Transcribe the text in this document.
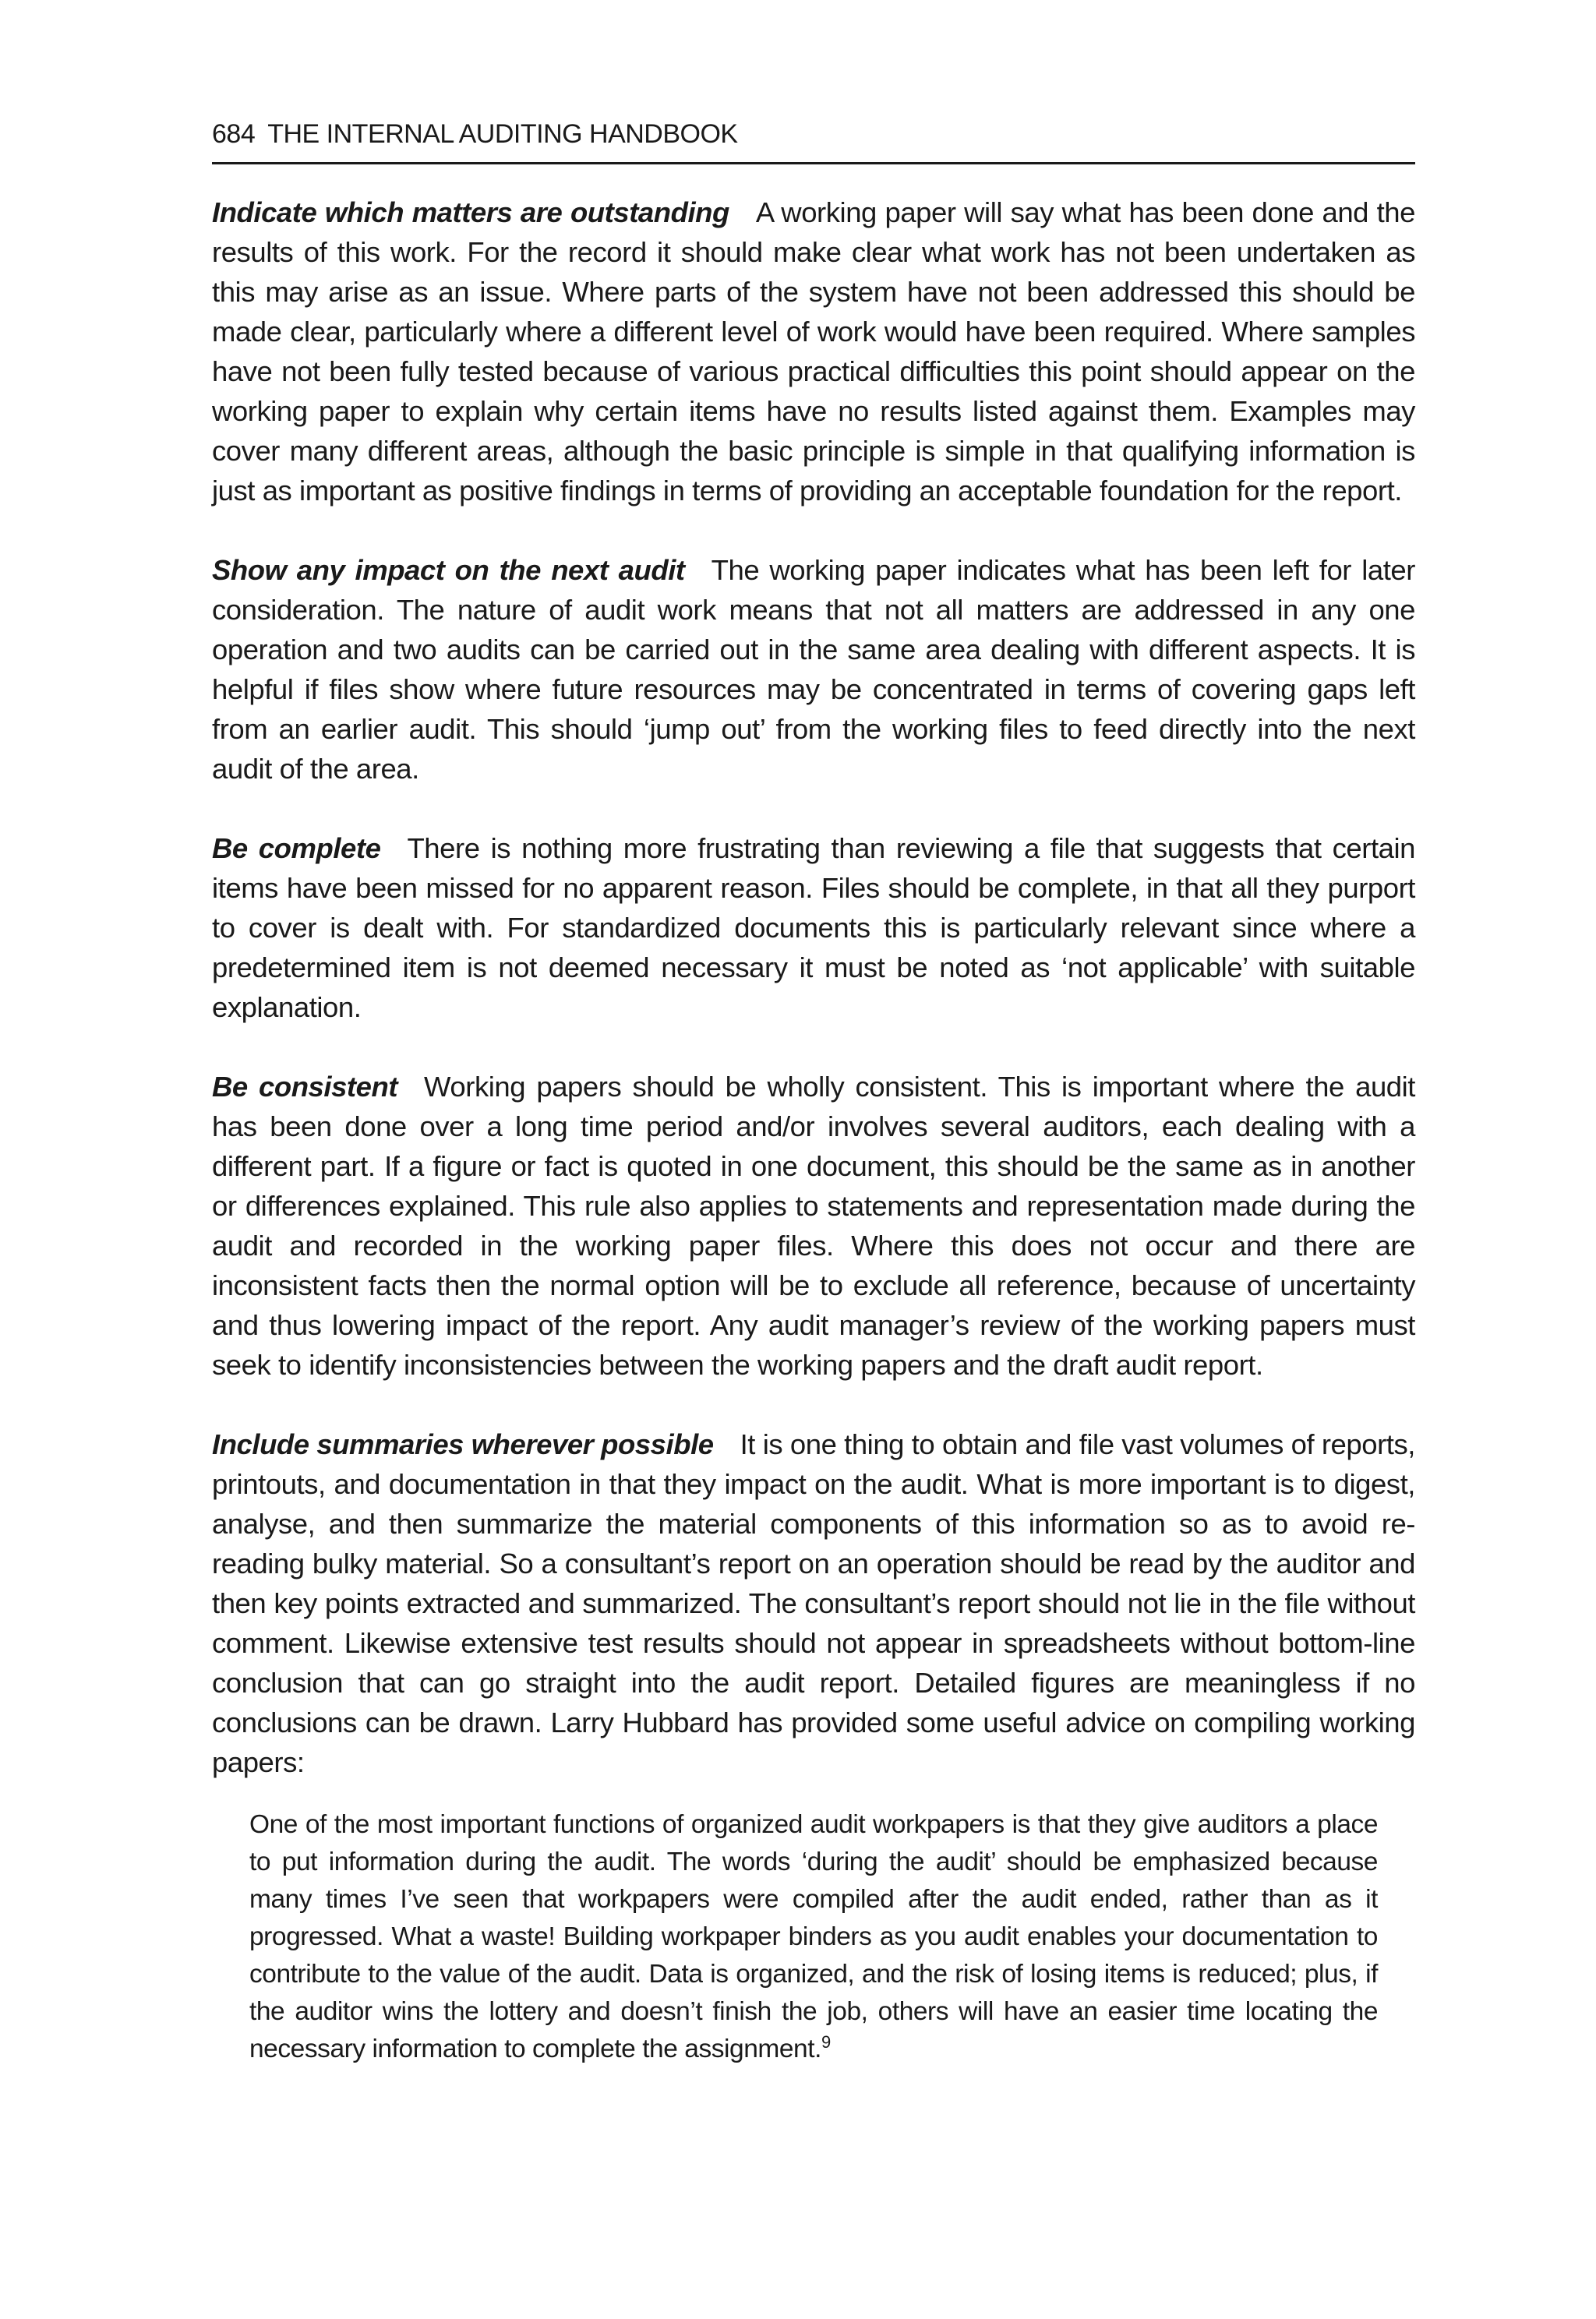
684 THE INTERNAL AUDITING HANDBOOK

Indicate which matters are outstanding A working paper will say what has been done and the results of this work. For the record it should make clear what work has not been undertaken as this may arise as an issue. Where parts of the system have not been addressed this should be made clear, particularly where a different level of work would have been required. Where samples have not been fully tested because of various practical difficulties this point should appear on the working paper to explain why certain items have no results listed against them. Examples may cover many different areas, although the basic principle is simple in that qualifying information is just as important as positive findings in terms of providing an acceptable foundation for the report.

Show any impact on the next audit The working paper indicates what has been left for later consideration. The nature of audit work means that not all matters are addressed in any one operation and two audits can be carried out in the same area dealing with different aspects. It is helpful if files show where future resources may be concentrated in terms of covering gaps left from an earlier audit. This should ‘jump out’ from the working files to feed directly into the next audit of the area.

Be complete There is nothing more frustrating than reviewing a file that suggests that certain items have been missed for no apparent reason. Files should be complete, in that all they purport to cover is dealt with. For standardized documents this is particularly relevant since where a predetermined item is not deemed necessary it must be noted as ‘not applicable’ with suitable explanation.

Be consistent Working papers should be wholly consistent. This is important where the audit has been done over a long time period and/or involves several auditors, each dealing with a different part. If a figure or fact is quoted in one document, this should be the same as in another or differences explained. This rule also applies to statements and representation made during the audit and recorded in the working paper files. Where this does not occur and there are inconsistent facts then the normal option will be to exclude all reference, because of uncertainty and thus lowering impact of the report. Any audit manager’s review of the working papers must seek to identify inconsistencies between the working papers and the draft audit report.

Include summaries wherever possible It is one thing to obtain and file vast volumes of reports, printouts, and documentation in that they impact on the audit. What is more important is to digest, analyse, and then summarize the material components of this information so as to avoid re-reading bulky material. So a consultant’s report on an operation should be read by the auditor and then key points extracted and summarized. The consultant’s report should not lie in the file without comment. Likewise extensive test results should not appear in spreadsheets without bottom-line conclusion that can go straight into the audit report. Detailed figures are meaningless if no conclusions can be drawn. Larry Hubbard has provided some useful advice on compiling working papers:

One of the most important functions of organized audit workpapers is that they give auditors a place to put information during the audit. The words ‘during the audit’ should be emphasized because many times I’ve seen that workpapers were compiled after the audit ended, rather than as it progressed. What a waste! Building workpaper binders as you audit enables your documentation to contribute to the value of the audit. Data is organized, and the risk of losing items is reduced; plus, if the auditor wins the lottery and doesn’t finish the job, others will have an easier time locating the necessary information to complete the assignment.$^9$
